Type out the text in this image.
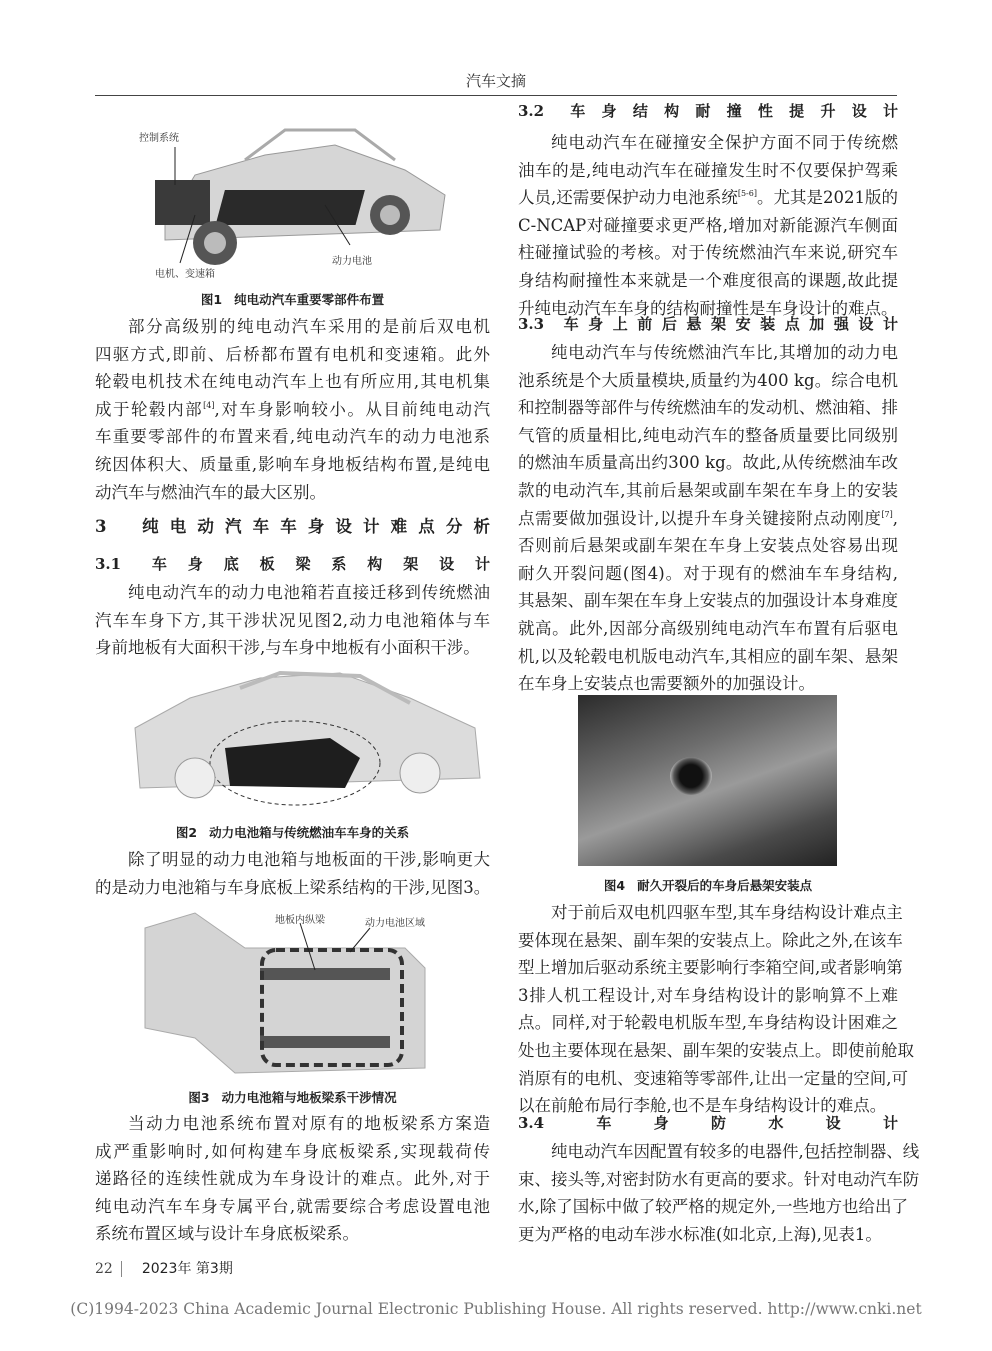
汽车文摘
控制系统
电机、变速箱
动力电池
图1 纯电动汽车重要零部件布置
部分高级别的纯电动汽车采用的是前后双电机
四驱方式,即前、后桥都布置有电机和变速箱。此外
轮毂电机技术在纯电动汽车上也有所应用,其电机集
成于轮毂内部[4],对车身影响较小。从目前纯电动汽
车重要零部件的布置来看,纯电动汽车的动力电池系
统因体积大、质量重,影响车身地板结构布置,是纯电
动汽车与燃油汽车的最大区别。
3 纯电动汽车车身设计难点分析
3.1 车身底板梁系构架设计
纯电动汽车的动力电池箱若直接迁移到传统燃油
汽车车身下方,其干涉状况见图2,动力电池箱体与车
身前地板有大面积干涉,与车身中地板有小面积干涉。
图2 动力电池箱与传统燃油车车身的关系
除了明显的动力电池箱与地板面的干涉,影响更大
的是动力电池箱与车身底板上梁系结构的干涉,见图3。
地板内纵梁	动力电池区域
图3 动力电池箱与地板梁系干涉情况
当动力电池系统布置对原有的地板梁系方案造
成严重影响时,如何构建车身底板梁系,实现载荷传
递路径的连续性就成为车身设计的难点。此外,对于
纯电动汽车车身专属平台,就需要综合考虑设置电池
系统布置区域与设计车身底板梁系。
3.2 车身结构耐撞性提升设计
纯电动汽车在碰撞安全保护方面不同于传统燃
油车的是,纯电动汽车在碰撞发生时不仅要保护驾乘
人员,还需要保护动力电池系统[5-6]。尤其是2021版的
C-NCAP对碰撞要求更严格,增加对新能源汽车侧面
柱碰撞试验的考核。对于传统燃油汽车来说,研究车
身结构耐撞性本来就是一个难度很高的课题,故此提
升纯电动汽车车身的结构耐撞性是车身设计的难点。
3.3 车身上前后悬架安装点加强设计
纯电动汽车与传统燃油汽车比,其增加的动力电
池系统是个大质量模块,质量约为400 kg。综合电机
和控制器等部件与传统燃油车的发动机、燃油箱、排
气管的质量相比,纯电动汽车的整备质量要比同级别
的燃油车质量高出约300 kg。故此,从传统燃油车改
款的电动汽车,其前后悬架或副车架在车身上的安装
点需要做加强设计,以提升车身关键接附点动刚度[7],
否则前后悬架或副车架在车身上安装点处容易出现
耐久开裂问题(图4)。对于现有的燃油车车身结构,
其悬架、副车架在车身上安装点的加强设计本身难度
就高。此外,因部分高级别纯电动汽车布置有后驱电
机,以及轮毂电机版电动汽车,其相应的副车架、悬架
在车身上安装点也需要额外的加强设计。
图4 耐久开裂后的车身后悬架安装点
对于前后双电机四驱车型,其车身结构设计难点主
要体现在悬架、副车架的安装点上。除此之外,在该车
型上增加后驱动系统主要影响行李箱空间,或者影响第
3排人机工程设计,对车身结构设计的影响算不上难
点。同样,对于轮毂电机版车型,车身结构设计困难之
处也主要体现在悬架、副车架的安装点上。即使前舱取
消原有的电机、变速箱等零部件,让出一定量的空间,可
以在前舱布局行李舱,也不是车身结构设计的难点。
3.4 车身防水设计
纯电动汽车因配置有较多的电器件,包括控制器、线
束、接头等,对密封防水有更高的要求。针对电动汽车防
水,除了国标中做了较严格的规定外,一些地方也给出了
更为严格的电动车涉水标准(如北京,上海),见表1。
22 2023年 第3期
(C)1994-2023 China Academic Journal Electronic Publishing House. All rights reserved. http://www.cnki.net
